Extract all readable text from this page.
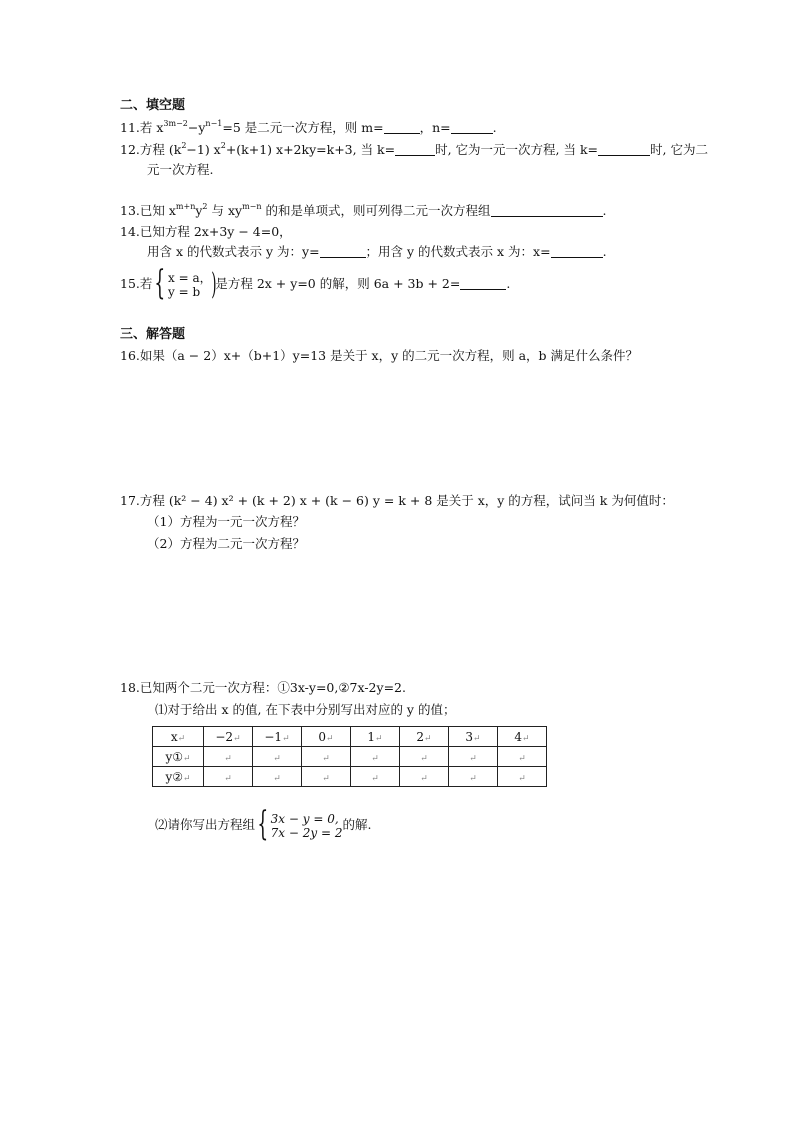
二、填空题
11.若 $x^{3m-2}-y^{n-1}=5$ 是二元一次方程，则 m=	，n=	.
12.方程 $(k^2-1)$ $x^2+(k+1)$ x+2ky=k+3, 当 k=	时, 它为一元一次方程, 当 k=	时, 它为二
元一次方程.
13.已知 $x^{m+n}y^2$ 与 $xy^{m-n}$ 的和是单项式，则可列得二元一次方程组	.
14.已知方程 2x+3y − 4=0，
用含 x 的代数式表示 y 为：y=	；用含 y 的代数式表示 x 为：x=	.
15.若{ x = a，
y = b )是方程 2x + y=0 的解，则 6a + 3b + 2=	.
三、解答题
16.如果（a − 2）x+（b+1）y=13 是关于 x，y 的二元一次方程，则 a，b 满足什么条件？
17.方程 (k² − 4) x² + (k + 2) x + (k − 6) y = k + 8 是关于 x，y 的方程，试问当 k 为何值时：
（1）方程为一元一次方程？
（2）方程为二元一次方程？
18.已知两个二元一次方程：①3x-y=0,②7x-2y=2.
⑴对于给出 x 的值, 在下表中分别写出对应的 y 的值；
x↵	−2↵	−1↵	0↵	1↵	2↵	3↵	4↵
y①↵	↵	↵	↵	↵	↵	↵	↵
y②↵	↵	↵	↵	↵	↵	↵	↵
⑵请你写出方程组{ 3x − y = 0,
7x − 2y = 2
的解.
